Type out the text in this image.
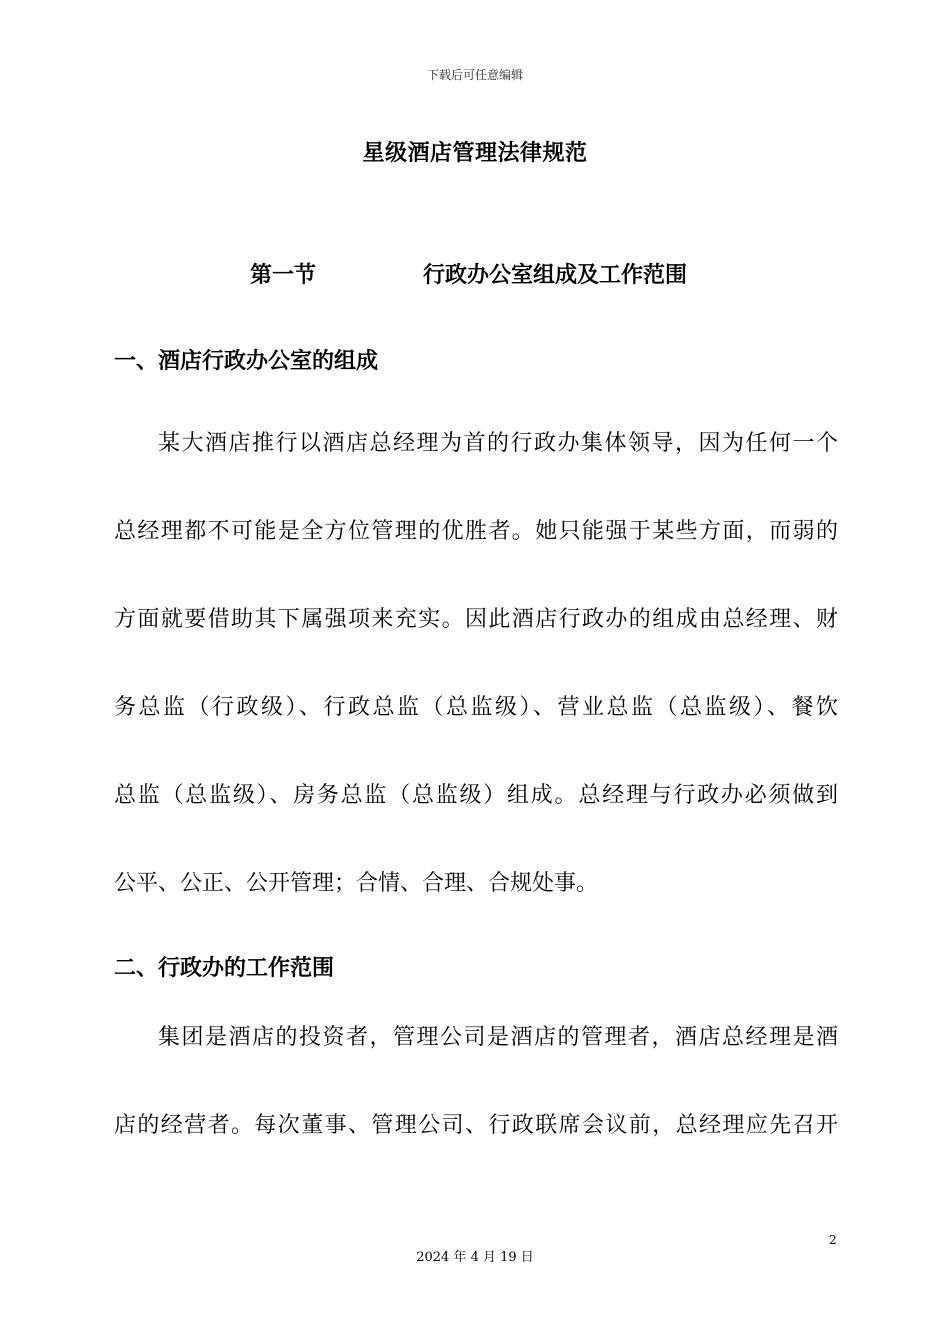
下载后可任意编辑
星级酒店管理法律规范
第一节	行政办公室组成及工作范围
一、酒店行政办公室的组成
某大酒店推行以酒店总经理为首的行政办集体领导，因为任何一个
总经理都不可能是全方位管理的优胜者。她只能强于某些方面，而弱的
方面就要借助其下属强项来充实。因此酒店行政办的组成由总经理、财
务总监（行政级）、行政总监（总监级）、营业总监（总监级）、餐饮
总监（总监级）、房务总监（总监级）组成。总经理与行政办必须做到
公平、公正、公开管理；合情、合理、合规处事。
二、行政办的工作范围
集团是酒店的投资者，管理公司是酒店的管理者，酒店总经理是酒
店的经营者。每次董事、管理公司、行政联席会议前，总经理应先召开
2
2024 年 4 月 19 日
